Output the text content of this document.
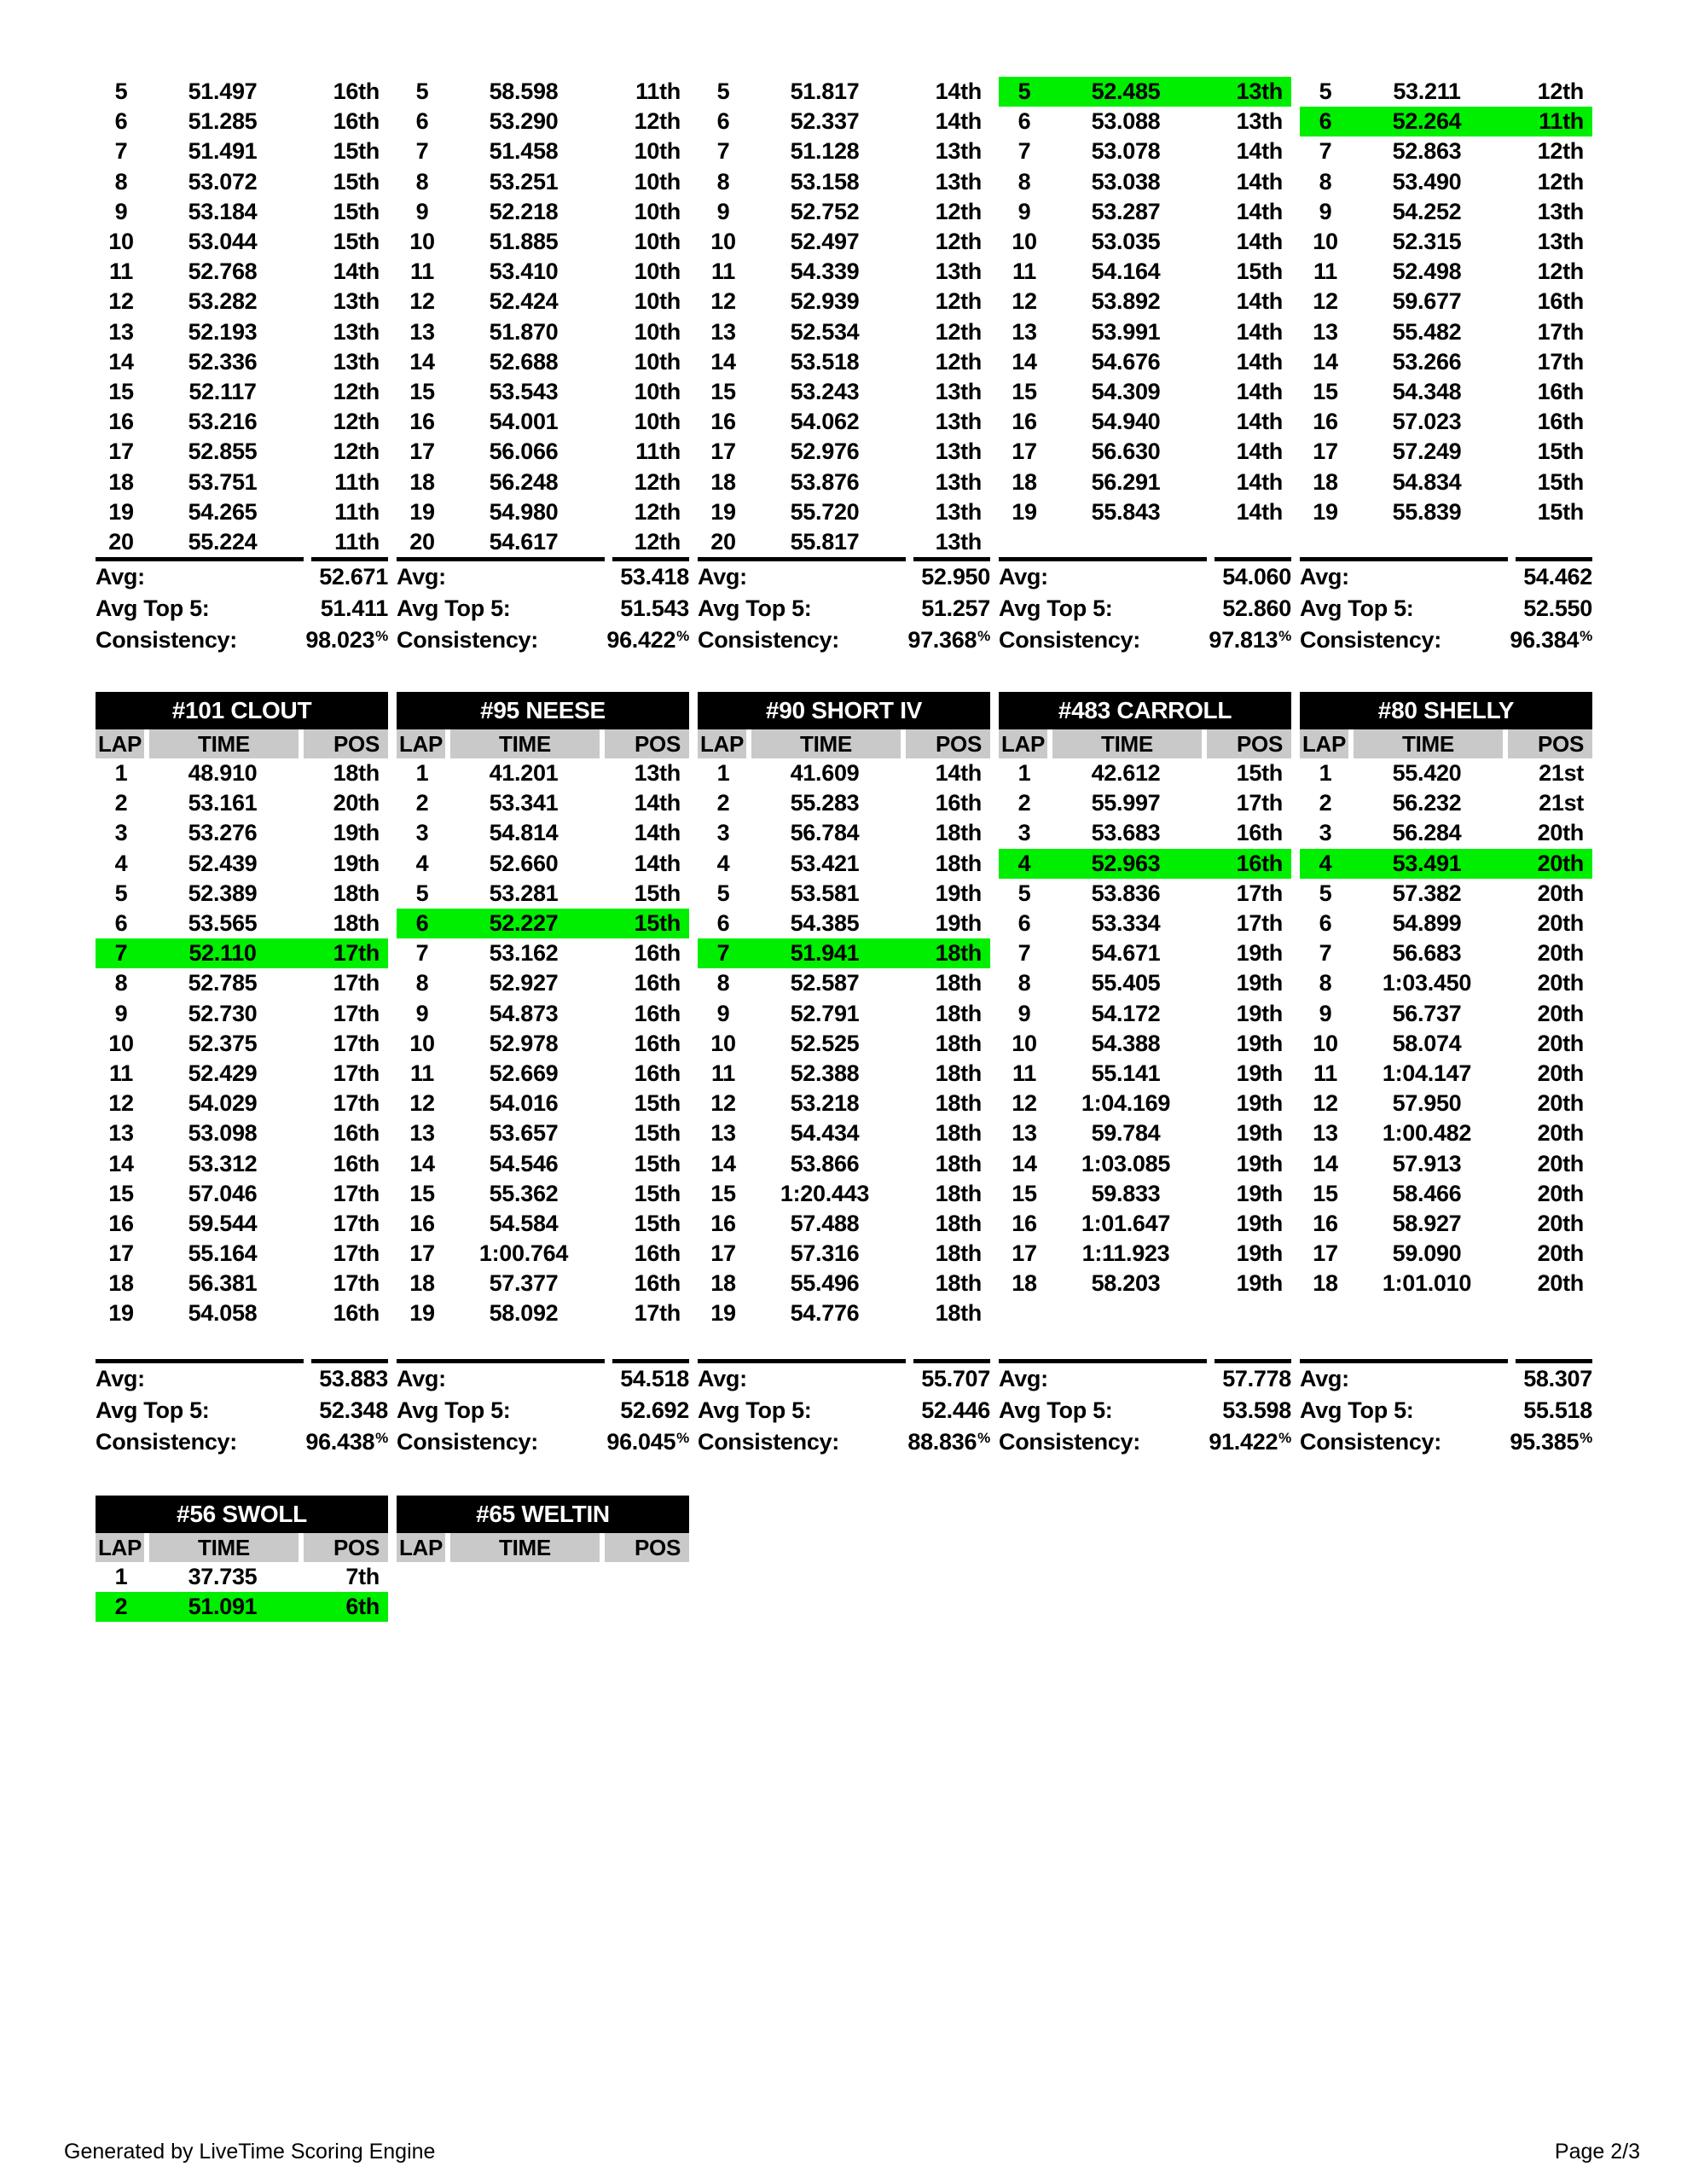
5	51.497	16th
6	51.285	16th
7	51.491	15th
8	53.072	15th
9	53.184	15th
10	53.044	15th
11	52.768	14th
12	53.282	13th
13	52.193	13th
14	52.336	13th
15	52.117	12th
16	53.216	12th
17	52.855	12th
18	53.751	11th
19	54.265	11th
20	55.224	11th
Avg:	52.671
Avg Top 5:	51.411
Consistency:	98.023%
5	58.598	11th
6	53.290	12th
7	51.458	10th
8	53.251	10th
9	52.218	10th
10	51.885	10th
11	53.410	10th
12	52.424	10th
13	51.870	10th
14	52.688	10th
15	53.543	10th
16	54.001	10th
17	56.066	11th
18	56.248	12th
19	54.980	12th
20	54.617	12th
Avg:	53.418
Avg Top 5:	51.543
Consistency:	96.422%
5	51.817	14th
6	52.337	14th
7	51.128	13th
8	53.158	13th
9	52.752	12th
10	52.497	12th
11	54.339	13th
12	52.939	12th
13	52.534	12th
14	53.518	12th
15	53.243	13th
16	54.062	13th
17	52.976	13th
18	53.876	13th
19	55.720	13th
20	55.817	13th
Avg:	52.950
Avg Top 5:	51.257
Consistency:	97.368%
5	52.485	13th
6	53.088	13th
7	53.078	14th
8	53.038	14th
9	53.287	14th
10	53.035	14th
11	54.164	15th
12	53.892	14th
13	53.991	14th
14	54.676	14th
15	54.309	14th
16	54.940	14th
17	56.630	14th
18	56.291	14th
19	55.843	14th
Avg:	54.060
Avg Top 5:	52.860
Consistency:	97.813%
5	53.211	12th
6	52.264	11th
7	52.863	12th
8	53.490	12th
9	54.252	13th
10	52.315	13th
11	52.498	12th
12	59.677	16th
13	55.482	17th
14	53.266	17th
15	54.348	16th
16	57.023	16th
17	57.249	15th
18	54.834	15th
19	55.839	15th
Avg:	54.462
Avg Top 5:	52.550
Consistency:	96.384%
#101 CLOUT
LAP	TIME	POS
1	48.910	18th
2	53.161	20th
3	53.276	19th
4	52.439	19th
5	52.389	18th
6	53.565	18th
7	52.110	17th
8	52.785	17th
9	52.730	17th
10	52.375	17th
11	52.429	17th
12	54.029	17th
13	53.098	16th
14	53.312	16th
15	57.046	17th
16	59.544	17th
17	55.164	17th
18	56.381	17th
19	54.058	16th
Avg:	53.883
Avg Top 5:	52.348
Consistency:	96.438%
#95 NEESE
LAP	TIME	POS
1	41.201	13th
2	53.341	14th
3	54.814	14th
4	52.660	14th
5	53.281	15th
6	52.227	15th
7	53.162	16th
8	52.927	16th
9	54.873	16th
10	52.978	16th
11	52.669	16th
12	54.016	15th
13	53.657	15th
14	54.546	15th
15	55.362	15th
16	54.584	15th
17	1:00.764	16th
18	57.377	16th
19	58.092	17th
Avg:	54.518
Avg Top 5:	52.692
Consistency:	96.045%
#90 SHORT IV
LAP	TIME	POS
1	41.609	14th
2	55.283	16th
3	56.784	18th
4	53.421	18th
5	53.581	19th
6	54.385	19th
7	51.941	18th
8	52.587	18th
9	52.791	18th
10	52.525	18th
11	52.388	18th
12	53.218	18th
13	54.434	18th
14	53.866	18th
15	1:20.443	18th
16	57.488	18th
17	57.316	18th
18	55.496	18th
19	54.776	18th
Avg:	55.707
Avg Top 5:	52.446
Consistency:	88.836%
#483 CARROLL
LAP	TIME	POS
1	42.612	15th
2	55.997	17th
3	53.683	16th
4	52.963	16th
5	53.836	17th
6	53.334	17th
7	54.671	19th
8	55.405	19th
9	54.172	19th
10	54.388	19th
11	55.141	19th
12	1:04.169	19th
13	59.784	19th
14	1:03.085	19th
15	59.833	19th
16	1:01.647	19th
17	1:11.923	19th
18	58.203	19th
Avg:	57.778
Avg Top 5:	53.598
Consistency:	91.422%
#80 SHELLY
LAP	TIME	POS
1	55.420	21st
2	56.232	21st
3	56.284	20th
4	53.491	20th
5	57.382	20th
6	54.899	20th
7	56.683	20th
8	1:03.450	20th
9	56.737	20th
10	58.074	20th
11	1:04.147	20th
12	57.950	20th
13	1:00.482	20th
14	57.913	20th
15	58.466	20th
16	58.927	20th
17	59.090	20th
18	1:01.010	20th
Avg:	58.307
Avg Top 5:	55.518
Consistency:	95.385%
#56 SWOLL
LAP	TIME	POS
1	37.735	7th
2	51.091	6th
#65 WELTIN
LAP	TIME	POS
Generated by LiveTime Scoring Engine	Page 2/3
